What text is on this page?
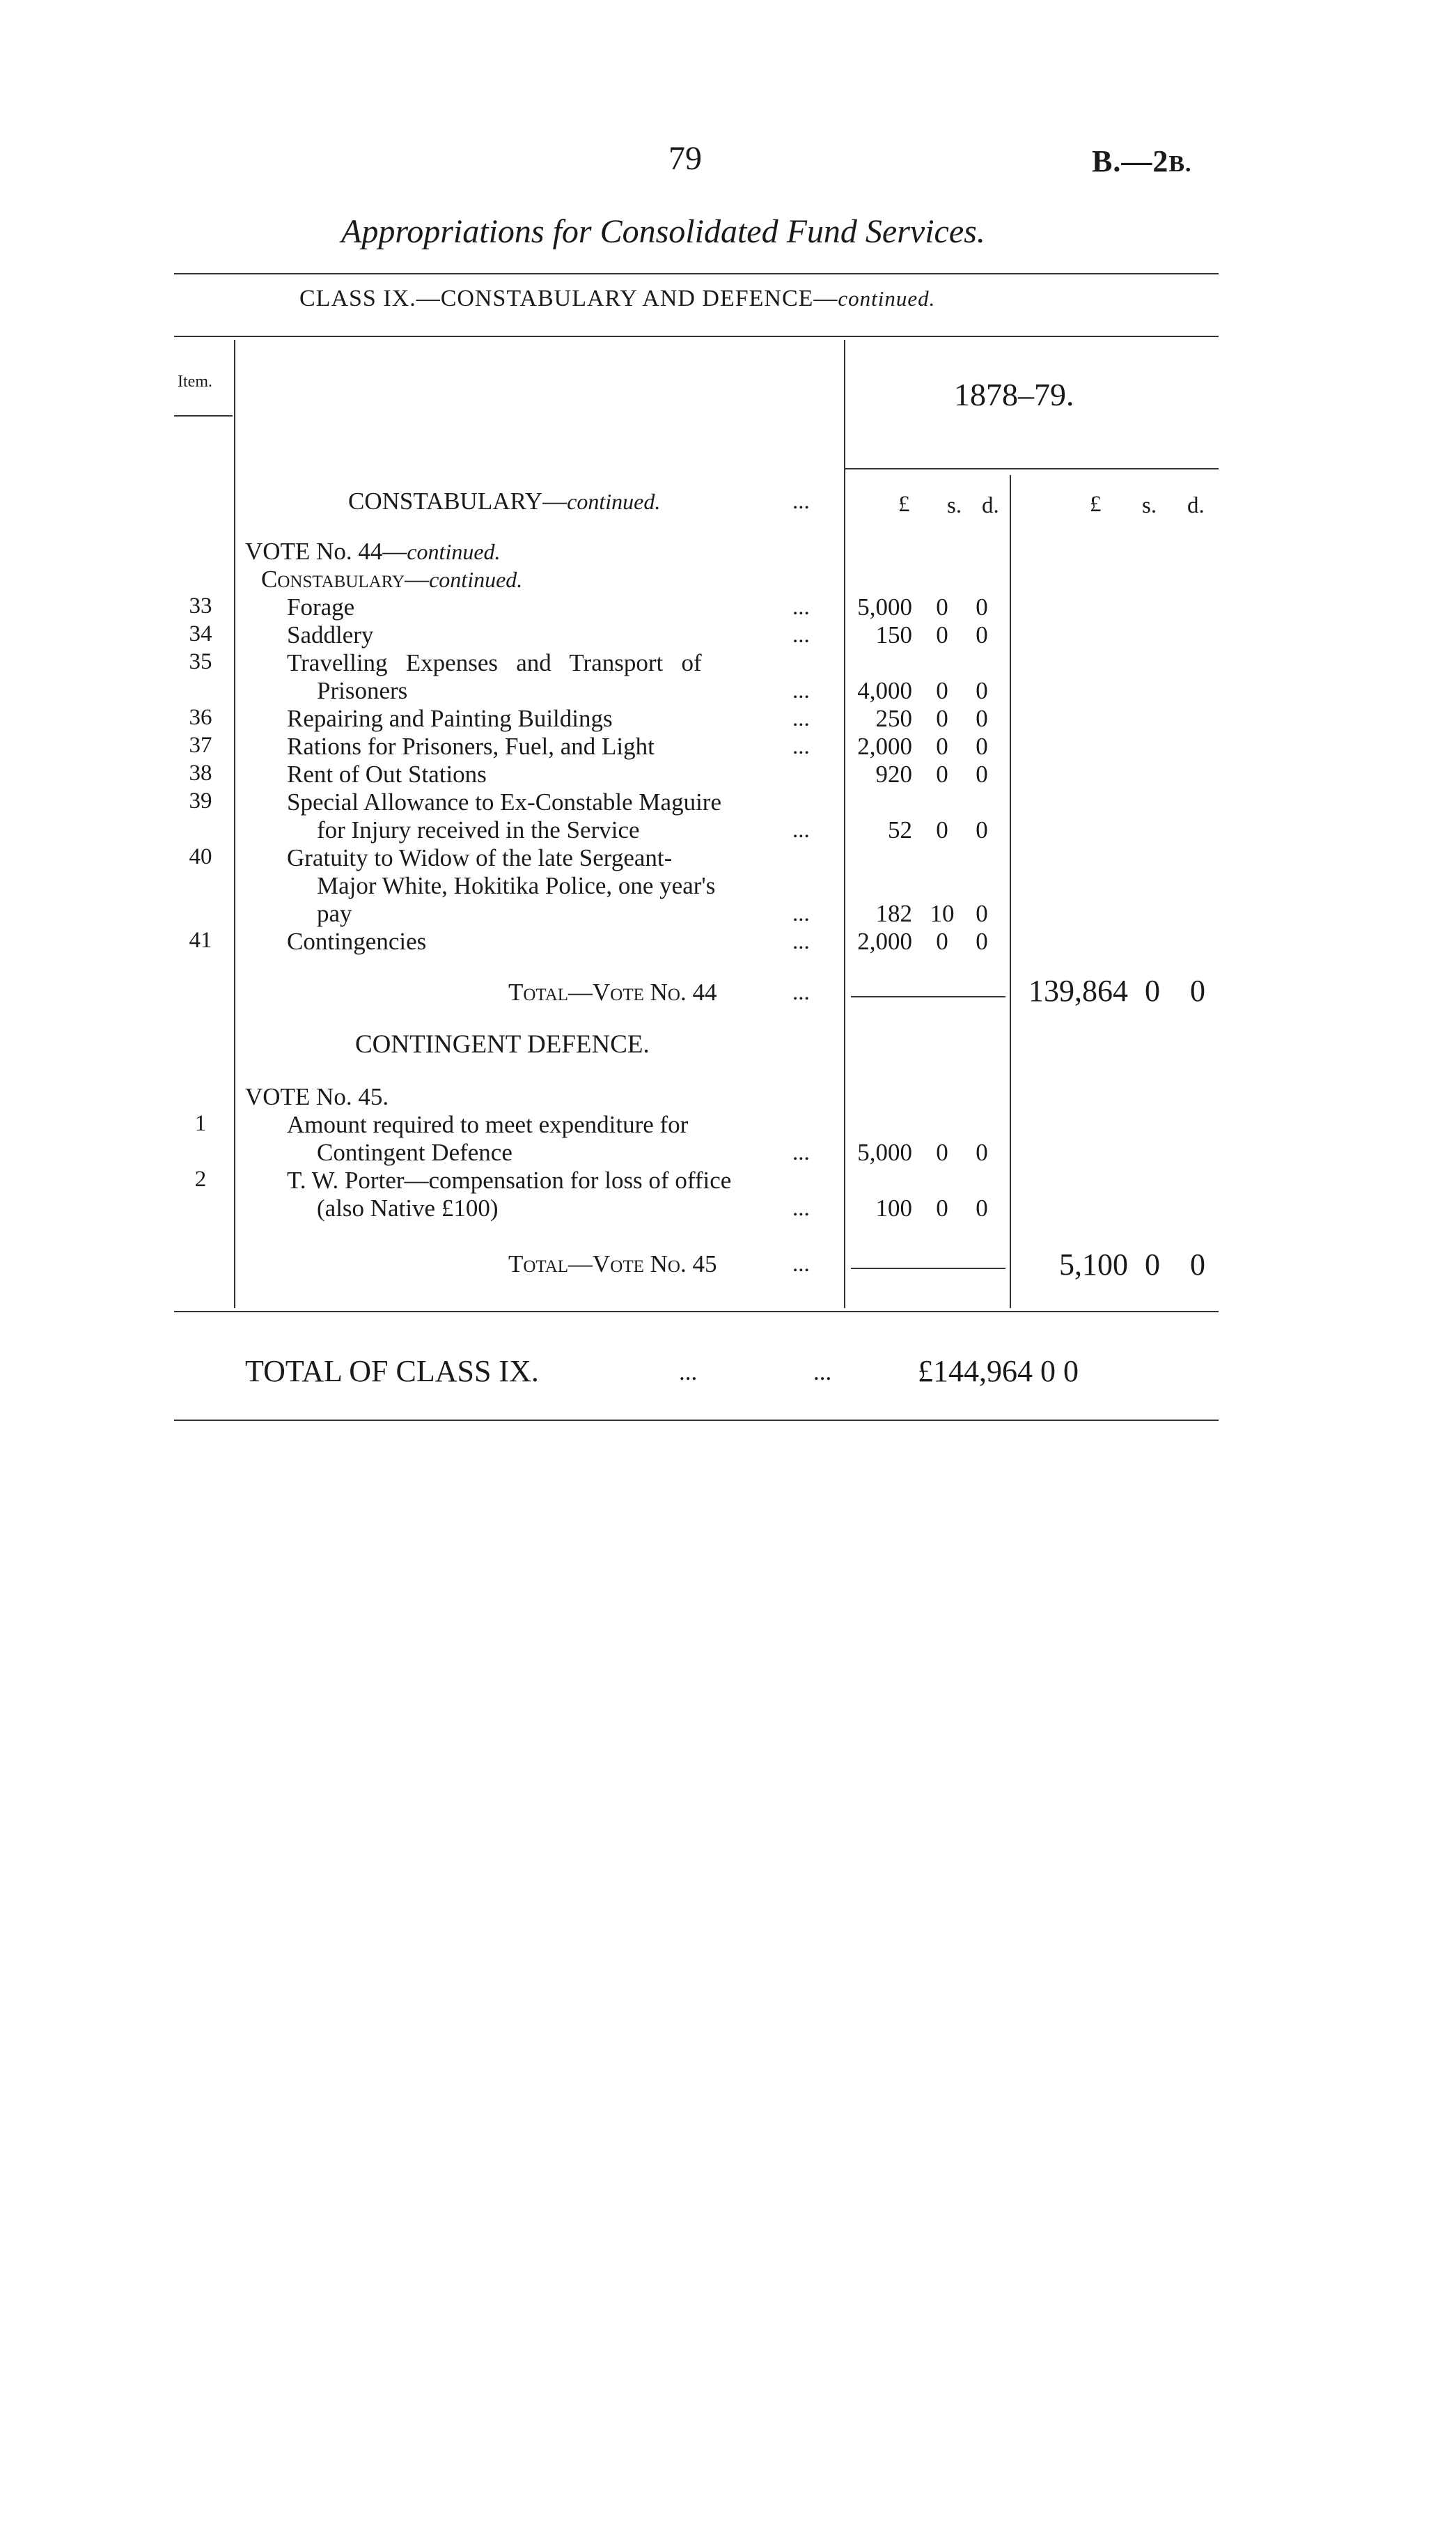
79	B.—2B.
Appropriations for Consolidated Fund Services.
CLASS IX.—CONSTABULARY AND DEFENCE—continued.
Item.	1878–79.
£ s. d.	£ s. d.
CONSTABULARY—continued.	...
VOTE No. 44—continued.
Constabulary—continued.
33	Forage	...	5,000 0 0
34	Saddlery	...	150 0 0
35	Travelling   Expenses   and   Transport   of
Prisoners	...	4,000 0 0
36	Repairing and Painting Buildings	...	250 0 0
37	Rations for Prisoners, Fuel, and Light	...	2,000 0 0
38	Rent of Out Stations	920 0 0
39	Special Allowance to Ex-Constable Maguire
for Injury received in the Service	...	52 0 0
40	Gratuity to Widow of the late Sergeant-
Major White, Hokitika Police, one year's
pay	...	182 10 0
41	Contingencies	...	2,000 0 0
Total—Vote No. 44	...	139,864 0 0
CONTINGENT DEFENCE.
VOTE No. 45.
1	Amount required to meet expenditure for
Contingent Defence	...	5,000 0 0
2	T. W. Porter—compensation for loss of office
(also Native £100)	...	100 0 0
Total—Vote No. 45	...	5,100 0 0
TOTAL OF CLASS IX.	...	...	£144,964 0 0
